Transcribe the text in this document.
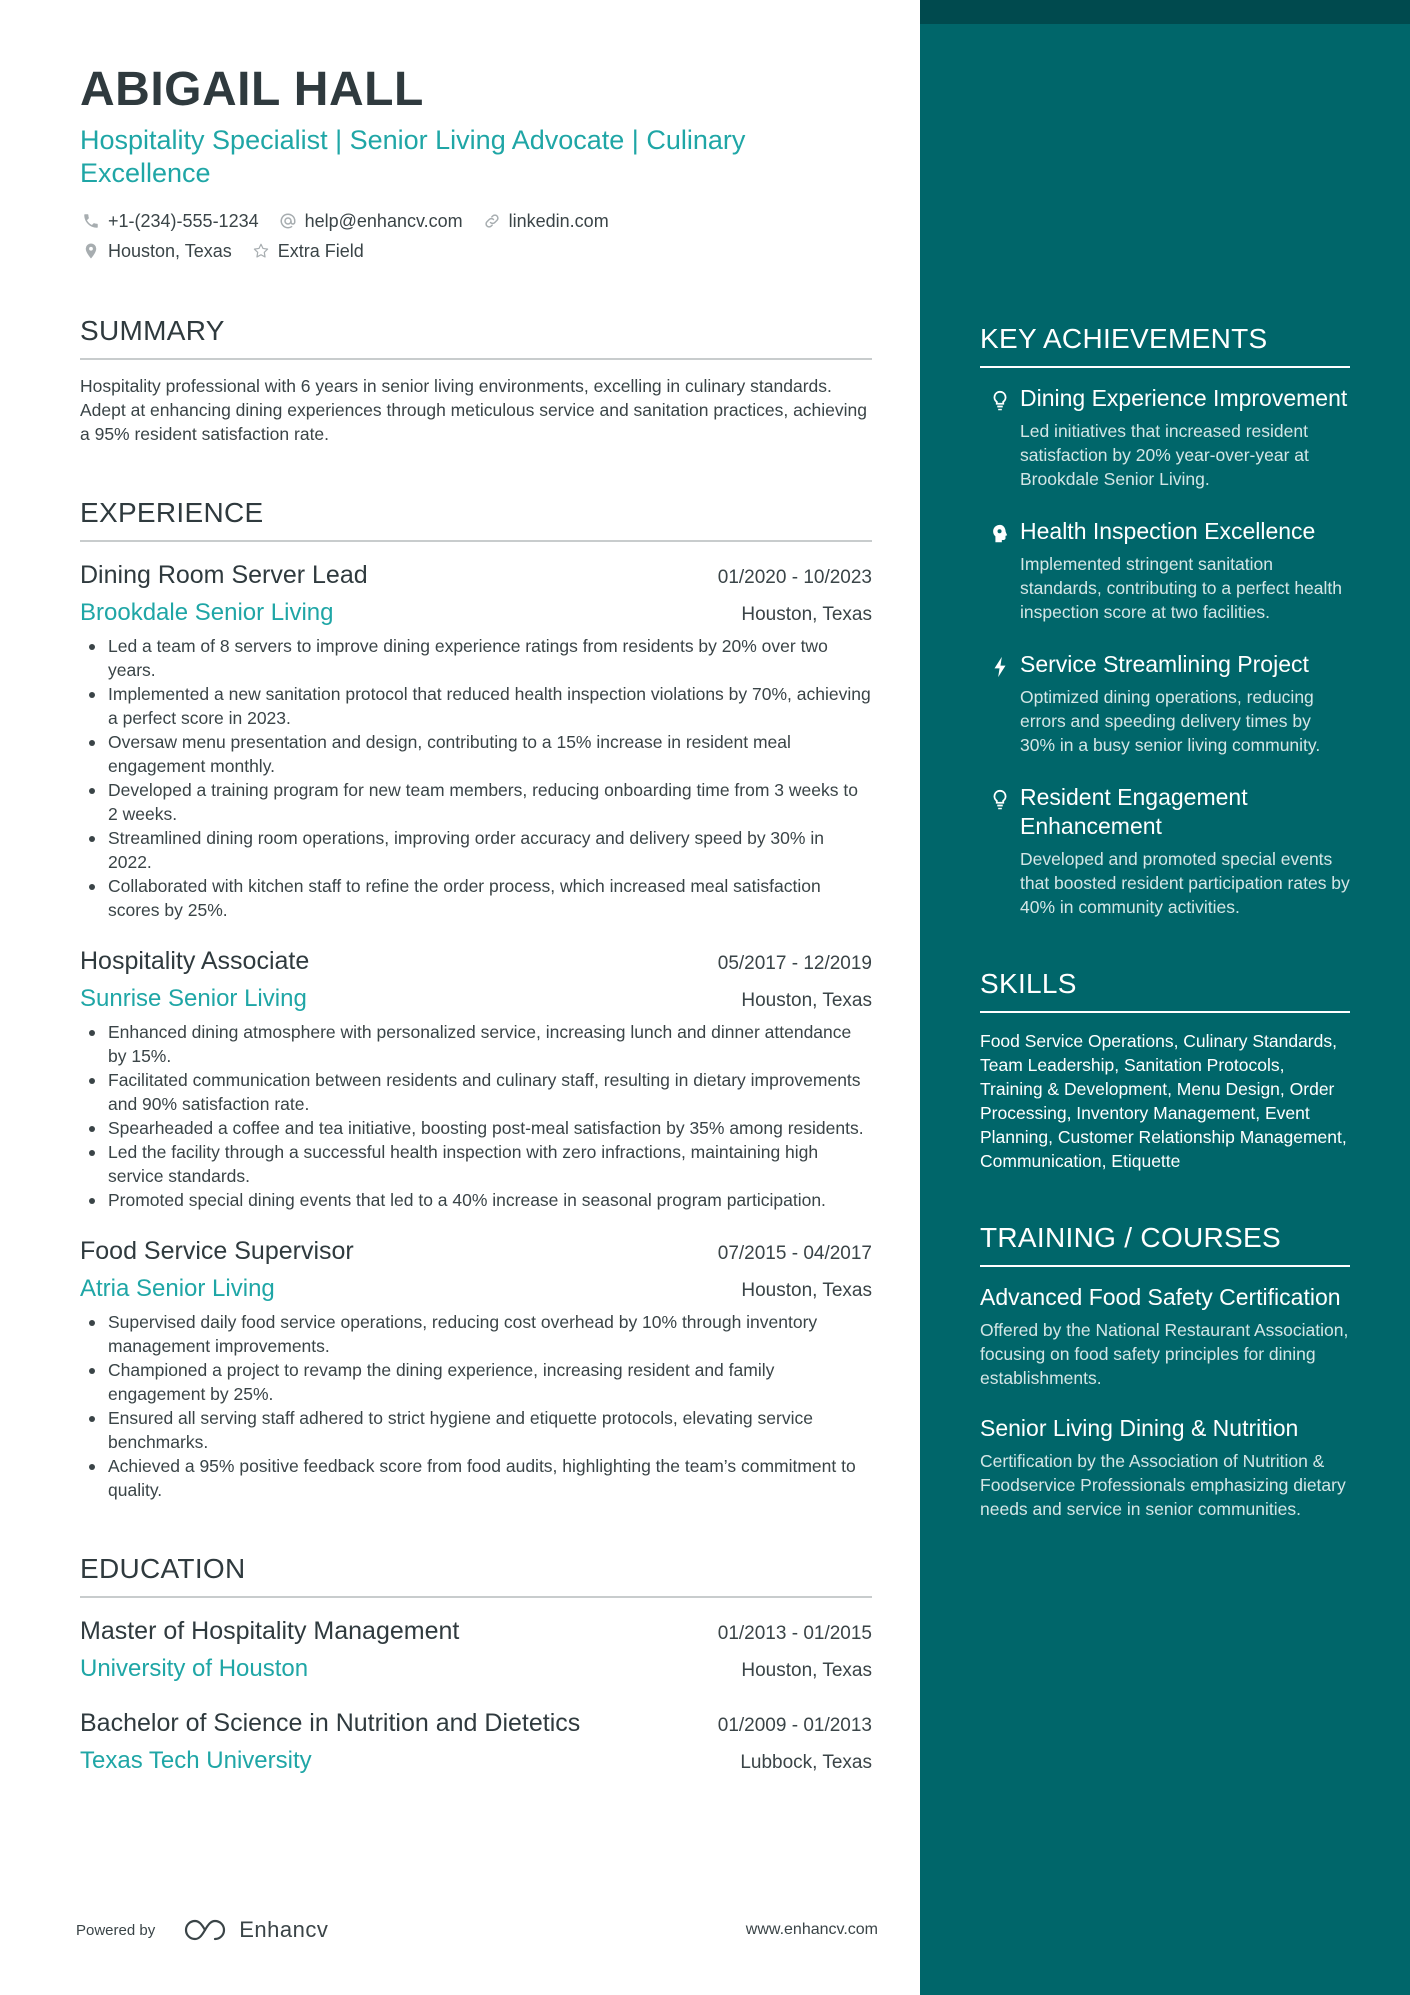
ABIGAIL HALL
Hospitality Specialist | Senior Living Advocate | Culinary Excellence
+1-(234)-555-1234	help@enhancv.com	linkedin.com
Houston, Texas	Extra Field
SUMMARY
Hospitality professional with 6 years in senior living environments, excelling in culinary standards. Adept at enhancing dining experiences through meticulous service and sanitation practices, achieving a 95% resident satisfaction rate.
EXPERIENCE
Dining Room Server Lead	01/2020 - 10/2023
Brookdale Senior Living	Houston, Texas
Led a team of 8 servers to improve dining experience ratings from residents by 20% over two years.
Implemented a new sanitation protocol that reduced health inspection violations by 70%, achieving a perfect score in 2023.
Oversaw menu presentation and design, contributing to a 15% increase in resident meal engagement monthly.
Developed a training program for new team members, reducing onboarding time from 3 weeks to 2 weeks.
Streamlined dining room operations, improving order accuracy and delivery speed by 30% in 2022.
Collaborated with kitchen staff to refine the order process, which increased meal satisfaction scores by 25%.
Hospitality Associate	05/2017 - 12/2019
Sunrise Senior Living	Houston, Texas
Enhanced dining atmosphere with personalized service, increasing lunch and dinner attendance by 15%.
Facilitated communication between residents and culinary staff, resulting in dietary improvements and 90% satisfaction rate.
Spearheaded a coffee and tea initiative, boosting post-meal satisfaction by 35% among residents.
Led the facility through a successful health inspection with zero infractions, maintaining high service standards.
Promoted special dining events that led to a 40% increase in seasonal program participation.
Food Service Supervisor	07/2015 - 04/2017
Atria Senior Living	Houston, Texas
Supervised daily food service operations, reducing cost overhead by 10% through inventory management improvements.
Championed a project to revamp the dining experience, increasing resident and family engagement by 25%.
Ensured all serving staff adhered to strict hygiene and etiquette protocols, elevating service benchmarks.
Achieved a 95% positive feedback score from food audits, highlighting the team’s commitment to quality.
EDUCATION
Master of Hospitality Management	01/2013 - 01/2015
University of Houston	Houston, Texas
Bachelor of Science in Nutrition and Dietetics	01/2009 - 01/2013
Texas Tech University	Lubbock, Texas
Powered by	Enhancv	www.enhancv.com
KEY ACHIEVEMENTS
Dining Experience Improvement
Led initiatives that increased resident satisfaction by 20% year-over-year at Brookdale Senior Living.
Health Inspection Excellence
Implemented stringent sanitation standards, contributing to a perfect health inspection score at two facilities.
Service Streamlining Project
Optimized dining operations, reducing errors and speeding delivery times by 30% in a busy senior living community.
Resident Engagement Enhancement
Developed and promoted special events that boosted resident participation rates by 40% in community activities.
SKILLS
Food Service Operations, Culinary Standards, Team Leadership, Sanitation Protocols, Training & Development, Menu Design, Order Processing, Inventory Management, Event Planning, Customer Relationship Management, Communication, Etiquette
TRAINING / COURSES
Advanced Food Safety Certification
Offered by the National Restaurant Association, focusing on food safety principles for dining establishments.
Senior Living Dining & Nutrition
Certification by the Association of Nutrition & Foodservice Professionals emphasizing dietary needs and service in senior communities.
